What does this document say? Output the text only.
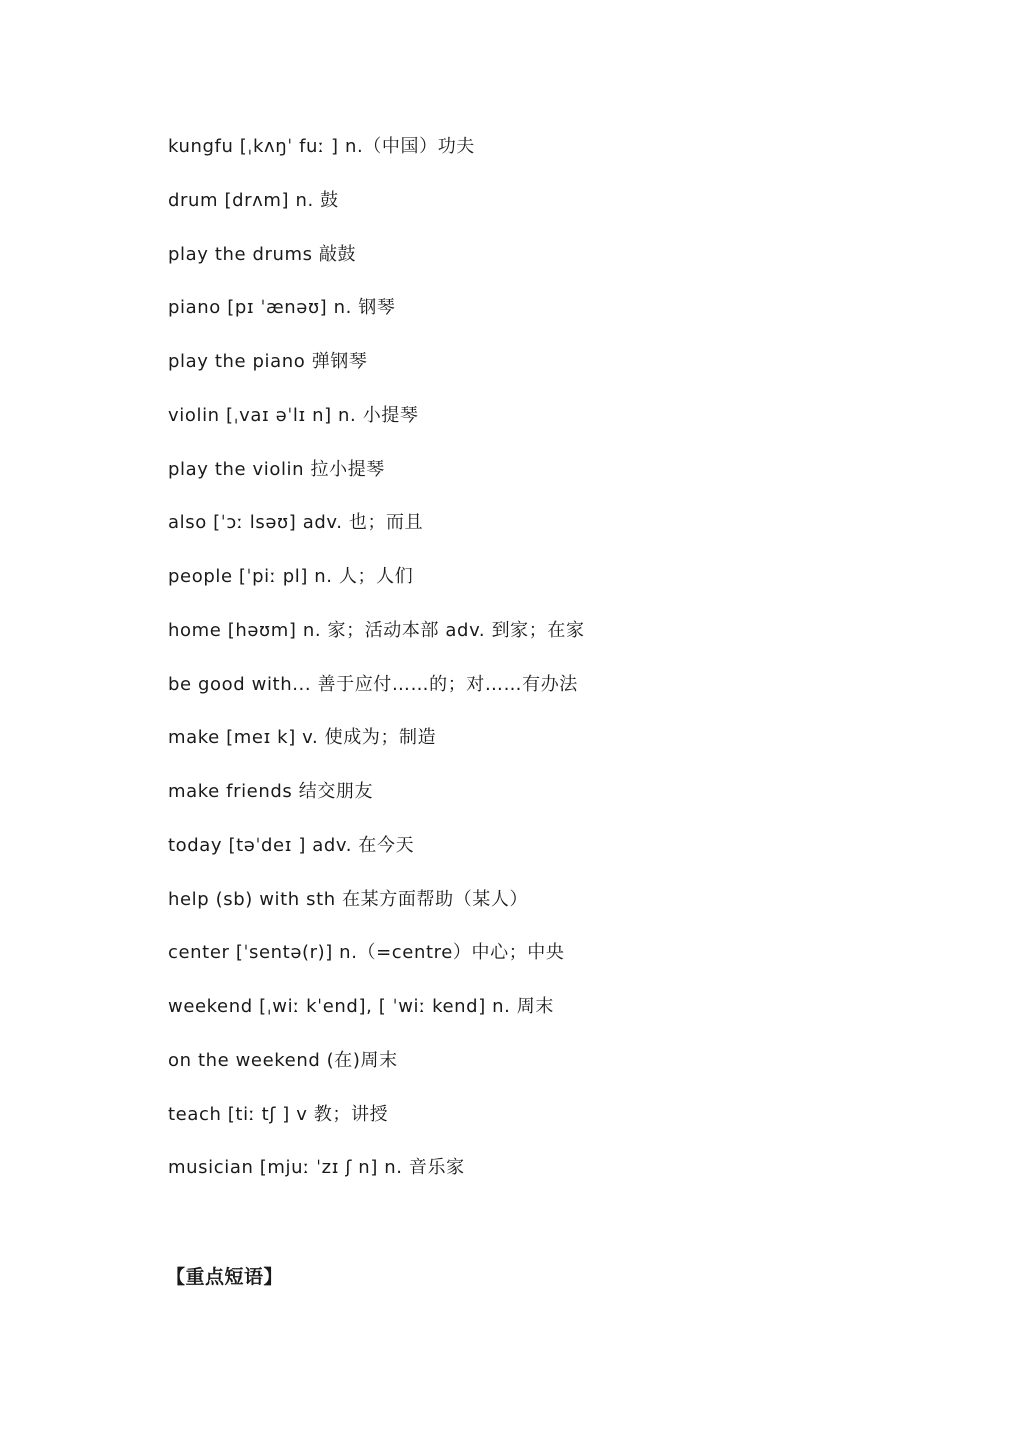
kungfu [ˌkʌŋˈ fuː ] n.（中国）功夫
drum [drʌm] n. 鼓
play the drums 敲鼓
piano [pɪ ˈænəʊ] n. 钢琴
play the piano 弹钢琴
violin [ˌvaɪ əˈlɪ n] n. 小提琴
play the violin 拉小提琴
also [ˈɔː lsəʊ] adv. 也；而且
people [ˈpiː pl] n. 人；人们
home [həʊm] n. 家；活动本部 adv. 到家；在家
be good with... 善于应付……的；对……有办法
make [meɪ k] v. 使成为；制造
make friends 结交朋友
today [təˈdeɪ ] adv. 在今天
help (sb) with sth 在某方面帮助（某人）
center [ˈsentə(r)] n.（=centre）中心；中央
weekend [ˌwiː kˈend], [ ˈwiː kend] n. 周末
on the weekend (在)周末
teach [tiː tʃ ] v 教；讲授
musician [mjuː ˈzɪ ʃ n] n. 音乐家
【重点短语】
